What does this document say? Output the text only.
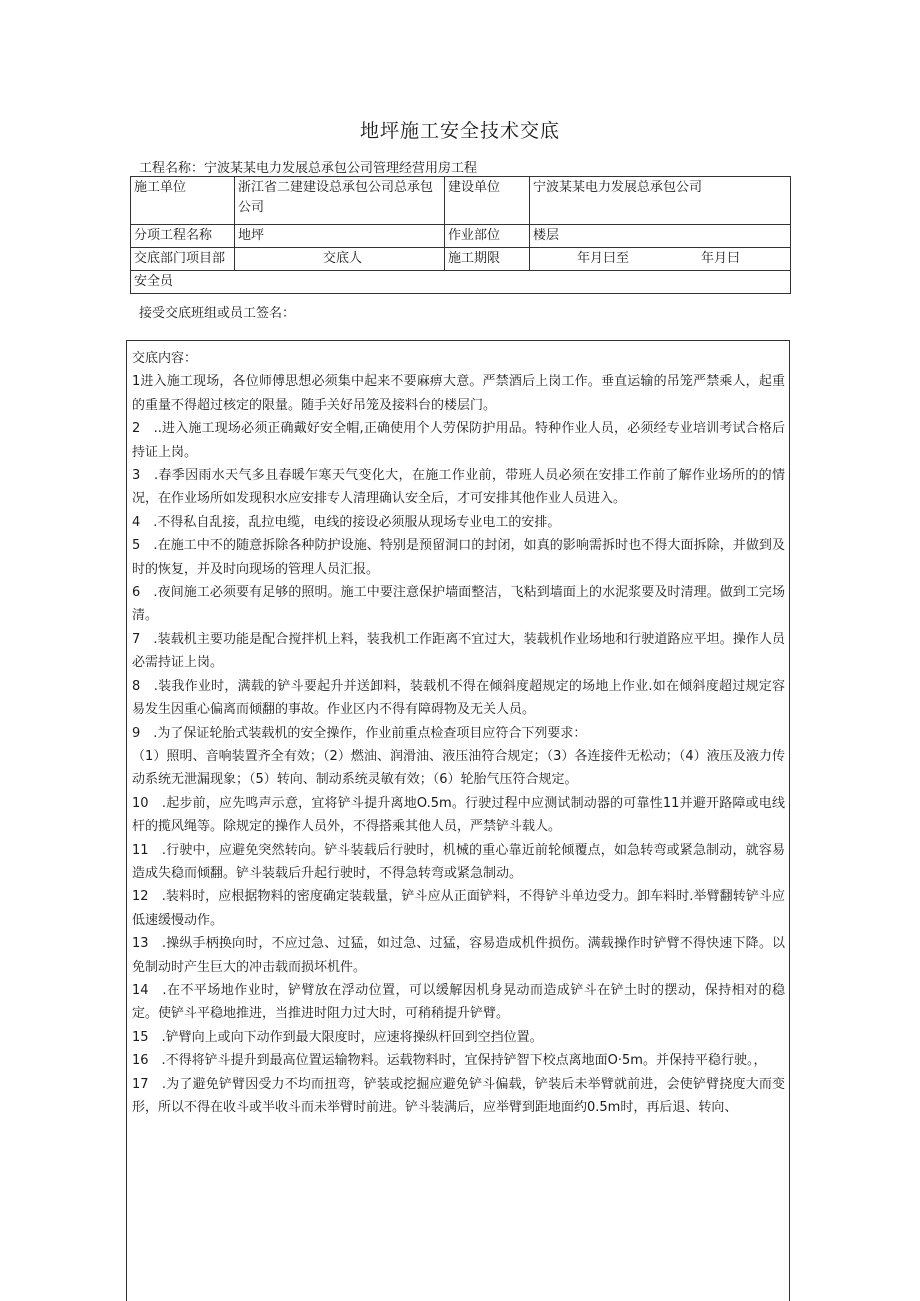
地坪施工安全技术交底
工程名称：宁波某某电力发展总承包公司管理经营用房工程
施工单位	浙江省二建建设总承包公司总承包公司	建设单位	宁波某某电力发展总承包公司
分项工程名称	地坪	作业部位	楼层
交底部门项目部	交底人	施工期限	年月曰至 年月曰
安全员			
接受交底班组或员工签名：

交底内容：

1进入施工现场，各位师傅思想必须集中起来不要麻痹大意。严禁酒后上岗工作。垂直运输的吊笼严禁乘人，起重的重量不得超过核定的限量。随手关好吊笼及接料台的楼层门。

2　..进入施工现场必须正确戴好安全帽,正确使用个人劳保防护用品。特种作业人员，必须经专业培训考试合格后持证上岗。

3　.春季因雨水天气多且春暖乍寒天气变化大，在施工作业前，带班人员必须在安排工作前了解作业场所的的情况，在作业场所如发现积水应安排专人清理确认安全后，才可安排其他作业人员进入。

4　.不得私自乱接，乱拉电缆，电线的接设必须服从现场专业电工的安排。

5　.在施工中不的随意拆除各种防护设施、特别是预留洞口的封闭，如真的影响需拆时也不得大面拆除，并做到及时的恢复，并及时向现场的管理人员汇报。

6　.夜间施工必须要有足够的照明。施工中要注意保护墙面整洁，飞粘到墙面上的水泥浆要及时清理。做到工完场清。

7　.装载机主要功能是配合搅拌机上料，装我机工作距离不宜过大，装载机作业场地和行驶道路应平坦。操作人员必需持证上岗。

8　.装我作业时，满载的铲斗要起升并送卸料，装载机不得在倾斜度超规定的场地上作业.如在倾斜度超过规定容易发生因重心偏离而倾翻的事故。作业区内不得有障碍物及无关人员。

9　.为了保证轮胎式装载机的安全操作，作业前重点检查项目应符合下列要求：

（1）照明、音响装置齐全有效；（2）燃油、润滑油、液压油符合规定；（3）各连接件无松动；（4）液压及液力传动系统无泄漏现象；（5）转向、制动系统灵敏有效；（6）轮胎气压符合规定。

10　.起步前，应先鸣声示意，宜将铲斗提升离地O.5m。行驶过程中应测试制动器的可靠性11并避开路障或电线杆的揽风绳等。除规定的操作人员外，不得搭乘其他人员，严禁铲斗载人。

11　.行驶中，应避免突然转向。铲斗装载后行驶时，机械的重心靠近前轮倾覆点，如急转弯或紧急制动，就容易造成失稳而倾翻。铲斗装载后升起行驶时，不得急转弯或紧急制动。

12　.装料时，应根据物料的密度确定装载量，铲斗应从正面铲料，不得铲斗单边受力。卸车料时.举臂翻转铲斗应低速缓慢动作。

13　.操纵手柄换向时，不应过急、过猛，如过急、过猛，容易造成机件损伤。满载操作时铲臂不得快速下降。以免制动时产生巨大的冲击载而损坏机件。

14　.在不平场地作业时，铲臂放在浮动位置，可以缓解因机身晃动而造成铲斗在铲土时的摆动，保持相对的稳定。使铲斗平稳地推进，当推进时阻力过大时，可稍稍提升铲臂。

15　.铲臂向上或向下动作到最大限度时，应速将操纵杆回到空挡位置。

16　.不得将铲斗提升到最高位置运输物料。运载物料时，宜保持铲智下校点离地面O·5m。并保持平稳行驶。，

17　.为了避免铲臂因受力不均而扭弯，铲装或挖掘应避免铲斗偏载，铲装后未举臂就前进，会使铲臂挠度大而变形，所以不得在收斗或半收斗而未举臂时前进。铲斗装满后，应举臂到距地面约0.5m时，再后退、转向、
